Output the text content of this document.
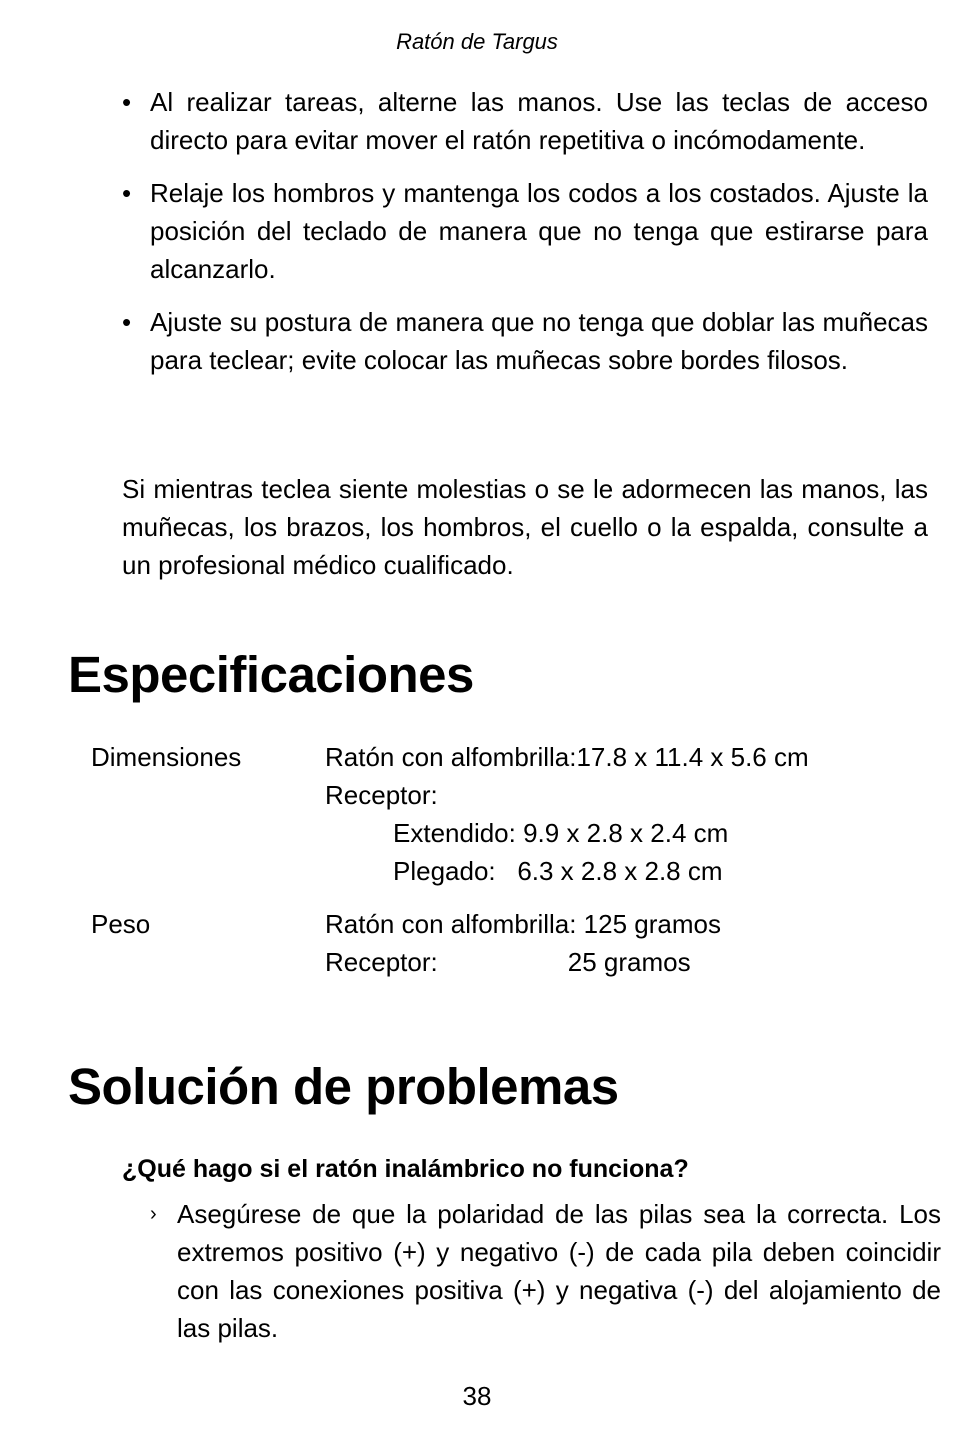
Ratón de Targus
• Al realizar tareas, alterne las manos. Use las teclas de acceso directo para evitar mover el ratón repetitiva o incómodamente.
• Relaje los hombros y mantenga los codos a los costados. Ajuste la posición del teclado de manera que no tenga que estirarse para alcanzarlo.
• Ajuste su postura de manera que no tenga que doblar las muñecas para teclear; evite colocar las muñecas sobre bordes filosos.

Si mientras teclea siente molestias o se le adormecen las manos, las muñecas, los brazos, los hombros, el cuello o la espalda, consulte a un profesional médico cualificado.

Especificaciones
Dimensiones	Ratón con alfombrilla:17.8 x 11.4 x 5.6 cm
Receptor:
Extendido: 9.9 x 2.8 x 2.4 cm
Plegado:   6.3 x 2.8 x 2.8 cm
Peso	Ratón con alfombrilla: 125 gramos
Receptor:                  25 gramos
Solución de problemas

¿Qué hago si el ratón inalámbrico no funciona?

› Asegúrese de que la polaridad de las pilas sea la correcta. Los extremos positivo (+) y negativo (-) de cada pila deben coincidir con las conexiones positiva (+) y negativa (-) del alojamiento de las pilas.

38
